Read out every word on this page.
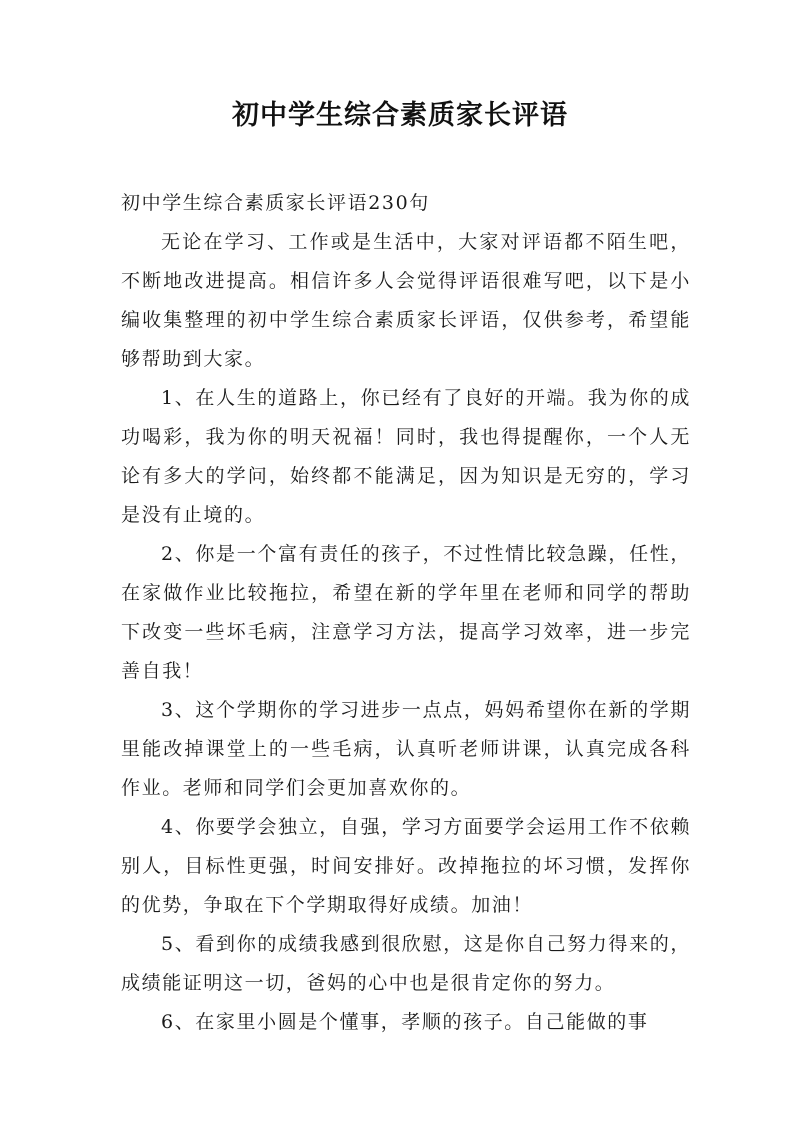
初中学生综合素质家长评语

初中学生综合素质家长评语230句

无论在学习、工作或是生活中，大家对评语都不陌生吧，不断地改进提高。相信许多人会觉得评语很难写吧，以下是小编收集整理的初中学生综合素质家长评语，仅供参考，希望能够帮助到大家。

1、在人生的道路上，你已经有了良好的开端。我为你的成功喝彩，我为你的明天祝福！同时，我也得提醒你，一个人无论有多大的学问，始终都不能满足，因为知识是无穷的，学习是没有止境的。

2、你是一个富有责任的孩子，不过性情比较急躁，任性，在家做作业比较拖拉，希望在新的学年里在老师和同学的帮助下改变一些坏毛病，注意学习方法，提高学习效率，进一步完善自我！

3、这个学期你的学习进步一点点，妈妈希望你在新的学期里能改掉课堂上的一些毛病，认真听老师讲课，认真完成各科作业。老师和同学们会更加喜欢你的。

4、你要学会独立，自强，学习方面要学会运用工作不依赖别人，目标性更强，时间安排好。改掉拖拉的坏习惯，发挥你的优势，争取在下个学期取得好成绩。加油！

5、看到你的成绩我感到很欣慰，这是你自己努力得来的，成绩能证明这一切，爸妈的心中也是很肯定你的努力。

6、在家里小圆是个懂事，孝顺的孩子。自己能做的事
